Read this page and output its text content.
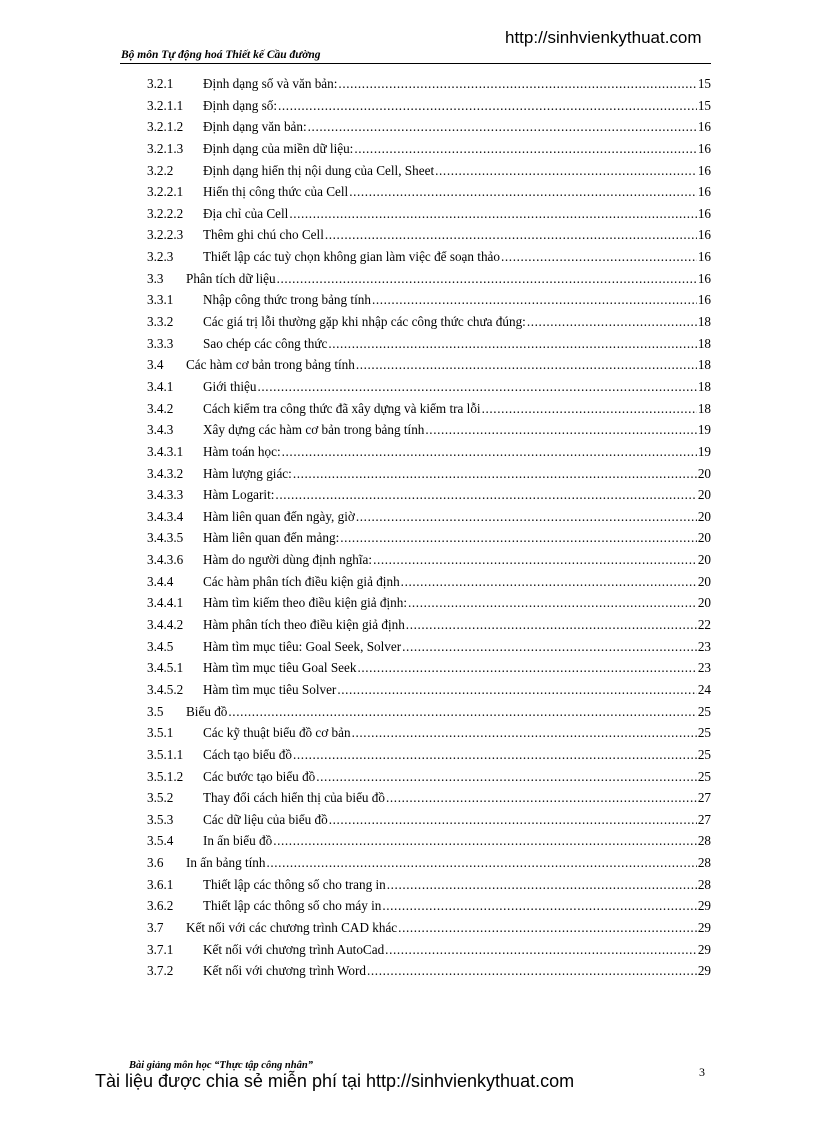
http://sinhvienkythuat.com
Bộ môn Tự động hoá Thiết kế Cầu đường
3.2.1	Định dạng số và văn bản: .....	15
3.2.1.1	Định dạng số: .....	15
3.2.1.2	Định dạng văn bản: .....	16
3.2.1.3	Định dạng của miền dữ liệu: .....	16
3.2.2	Định dạng hiển thị nội dung của Cell, Sheet .....	16
3.2.2.1	Hiển thị công thức của Cell .....	16
3.2.2.2	Địa chỉ của Cell .....	16
3.2.2.3	Thêm ghi chú cho Cell .....	16
3.2.3	Thiết lập các tuỳ chọn không gian làm việc để soạn thảo .....	16
3.3	Phân tích dữ liệu .....	16
3.3.1	Nhập công thức trong bảng tính .....	16
3.3.2	Các giá trị lỗi thường gặp khi nhập các công thức chưa đúng: .....	18
3.3.3	Sao chép các công thức .....	18
3.4	Các hàm cơ bản trong bảng tính .....	18
3.4.1	Giới thiệu .....	18
3.4.2	Cách kiểm tra công thức đã xây dựng và kiểm tra lỗi .....	18
3.4.3	Xây dựng các hàm cơ bản trong bảng tính .....	19
3.4.3.1	Hàm toán học: .....	19
3.4.3.2	Hàm lượng giác: .....	20
3.4.3.3	Hàm Logarit: .....	20
3.4.3.4	Hàm liên quan đến ngày, giờ .....	20
3.4.3.5	Hàm liên quan đến mảng: .....	20
3.4.3.6	Hàm do người dùng định nghĩa: .....	20
3.4.4	Các hàm phân tích điều kiện giả định .....	20
3.4.4.1	Hàm tìm kiếm theo điều kiện giả định: .....	20
3.4.4.2	Hàm phân tích theo điều kiện giả định .....	22
3.4.5	Hàm tìm mục tiêu: Goal Seek, Solver .....	23
3.4.5.1	Hàm tìm mục tiêu Goal Seek .....	23
3.4.5.2	Hàm tìm mục tiêu Solver .....	24
3.5	Biểu đồ .....	25
3.5.1	Các kỹ thuật biểu đồ cơ bản .....	25
3.5.1.1	Cách tạo biểu đồ .....	25
3.5.1.2	Các bước tạo biểu đồ .....	25
3.5.2	Thay đổi cách hiển thị của biểu đồ .....	27
3.5.3	Các dữ liệu của biểu đồ .....	27
3.5.4	In ấn biểu đồ .....	28
3.6	In ấn bảng tính .....	28
3.6.1	Thiết lập các thông số cho trang in .....	28
3.6.2	Thiết lập các thông số cho máy in .....	29
3.7	Kết nối với các chương trình CAD khác .....	29
3.7.1	Kết nối với chương trình AutoCad .....	29
3.7.2	Kết nối với chương trình Word .....	29
Bài giảng môn học “Thực tập công nhân”	3
Tài liệu được chia sẻ miễn phí tại http://sinhvienkythuat.com
